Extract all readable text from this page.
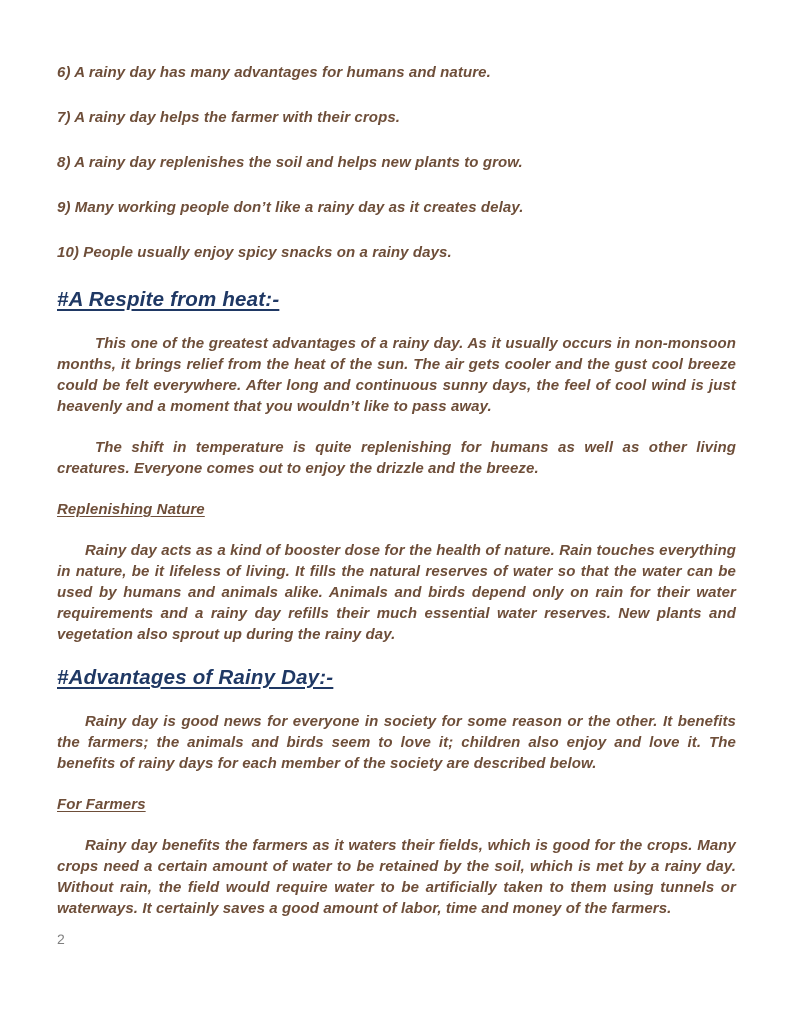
6) A rainy day has many advantages for humans and nature.

7) A rainy day helps the farmer with their crops.

8) A rainy day replenishes the soil and helps new plants to grow.

9) Many working people don’t like a rainy day as it creates delay.

10) People usually enjoy spicy snacks on a rainy days.

#A Respite from heat:-

This one of the greatest advantages of a rainy day. As it usually occurs in non-monsoon months, it brings relief from the heat of the sun. The air gets cooler and the gust cool breeze could be felt everywhere. After long and continuous sunny days, the feel of cool wind is just heavenly and a moment that you wouldn’t like to pass away.

The shift in temperature is quite replenishing for humans as well as other living creatures. Everyone comes out to enjoy the drizzle and the breeze.

Replenishing Nature

Rainy day acts as a kind of booster dose for the health of nature. Rain touches everything in nature, be it lifeless of living. It fills the natural reserves of water so that the water can be used by humans and animals alike. Animals and birds depend only on rain for their water requirements and a rainy day refills their much essential water reserves. New plants and vegetation also sprout up during the rainy day.

#Advantages of Rainy Day:-

Rainy day is good news for everyone in society for some reason or the other. It benefits the farmers; the animals and birds seem to love it; children also enjoy and love it. The benefits of rainy days for each member of the society are described below.

For Farmers

Rainy day benefits the farmers as it waters their fields, which is good for the crops. Many crops need a certain amount of water to be retained by the soil, which is met by a rainy day. Without rain, the field would require water to be artificially taken to them using tunnels or waterways. It certainly saves a good amount of labor, time and money of the farmers.

2
